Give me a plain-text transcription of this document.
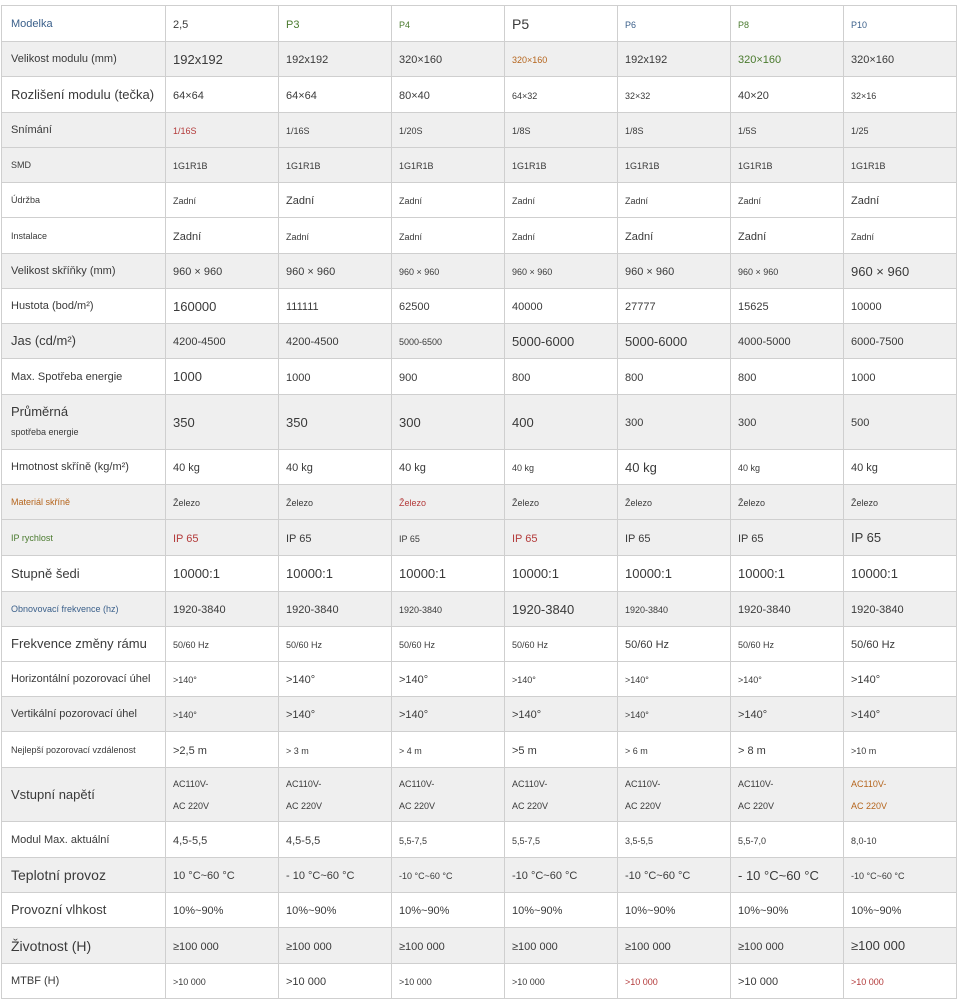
Modelka	2,5	P3	P4	P5	P6	P8	P10

Velikost modulu (mm)	192x192	192x192	320×160	320×160	192x192	320×160	320×160

Rozlišení modulu (tečka)	64×64	64×64	80×40	64×32	32×32	40×20	32×16

Snímání	1/16S	1/16S	1/20S	1/8S	1/8S	1/5S	1/25

SMD	1G1R1B	1G1R1B	1G1R1B	1G1R1B	1G1R1B	1G1R1B	1G1R1B

Údržba	Zadní	Zadní	Zadní	Zadní	Zadní	Zadní	Zadní

Instalace	Zadní	Zadní	Zadní	Zadní	Zadní	Zadní	Zadní

Velikost skříňky (mm)	960 × 960	960 × 960	960 × 960	960 × 960	960 × 960	960 × 960	960 × 960

Hustota (bod/m²)	160000	111111	62500	40000	27777	15625	10000

Jas (cd/m²)	4200-4500	4200-4500	5000-6500	5000-6000	5000-6000	4000-5000	6000-7500

Max. Spotřeba energie	1000	1000	900	800	800	800	1000

Průměrná
spotřeba energie	350	350	300	400	300	300	500

Hmotnost skříně (kg/m²)	40 kg	40 kg	40 kg	40 kg	40 kg	40 kg	40 kg

Materiál skříně	Železo	Železo	Železo	Železo	Železo	Železo	Železo

IP rychlost	IP 65	IP 65	IP 65	IP 65	IP 65	IP 65	IP 65

Stupně šedi	10000:1	10000:1	10000:1	10000:1	10000:1	10000:1	10000:1

Obnovovací frekvence (hz)	1920-3840	1920-3840	1920-3840	1920-3840	1920-3840	1920-3840	1920-3840

Frekvence změny rámu	50/60 Hz	50/60 Hz	50/60 Hz	50/60 Hz	50/60 Hz	50/60 Hz	50/60 Hz

Horizontální pozorovací úhel	>140°	>140°	>140°	>140°	>140°	>140°	>140°

Vertikální pozorovací úhel	>140°	>140°	>140°	>140°	>140°	>140°	>140°

Nejlepší pozorovací vzdálenost	>2,5 m	> 3 m	> 4 m	>5 m	> 6 m	> 8 m	>10 m

Vstupní napětí	AC110V-
AC 220V	AC110V-
AC 220V	AC110V-
AC 220V	AC110V-
AC 220V	AC110V-
AC 220V	AC110V-
AC 220V	AC110V-
AC 220V

Modul Max. aktuální	4,5-5,5	4,5-5,5	5,5-7,5	5,5-7,5	3,5-5,5	5,5-7,0	8,0-10

Teplotní provoz	10 °C~60 °C	- 10 °C~60 °C	-10 °C~60 °C	-10 °C~60 °C	-10 °C~60 °C	- 10 °C~60 °C	-10 °C~60 °C

Provozní vlhkost	10%~90%	10%~90%	10%~90%	10%~90%	10%~90%	10%~90%	10%~90%

Životnost (H)	≥100 000	≥100 000	≥100 000	≥100 000	≥100 000	≥100 000	≥100 000

MTBF (H)	>10 000	>10 000	>10 000	>10 000	>10 000	>10 000	>10 000
